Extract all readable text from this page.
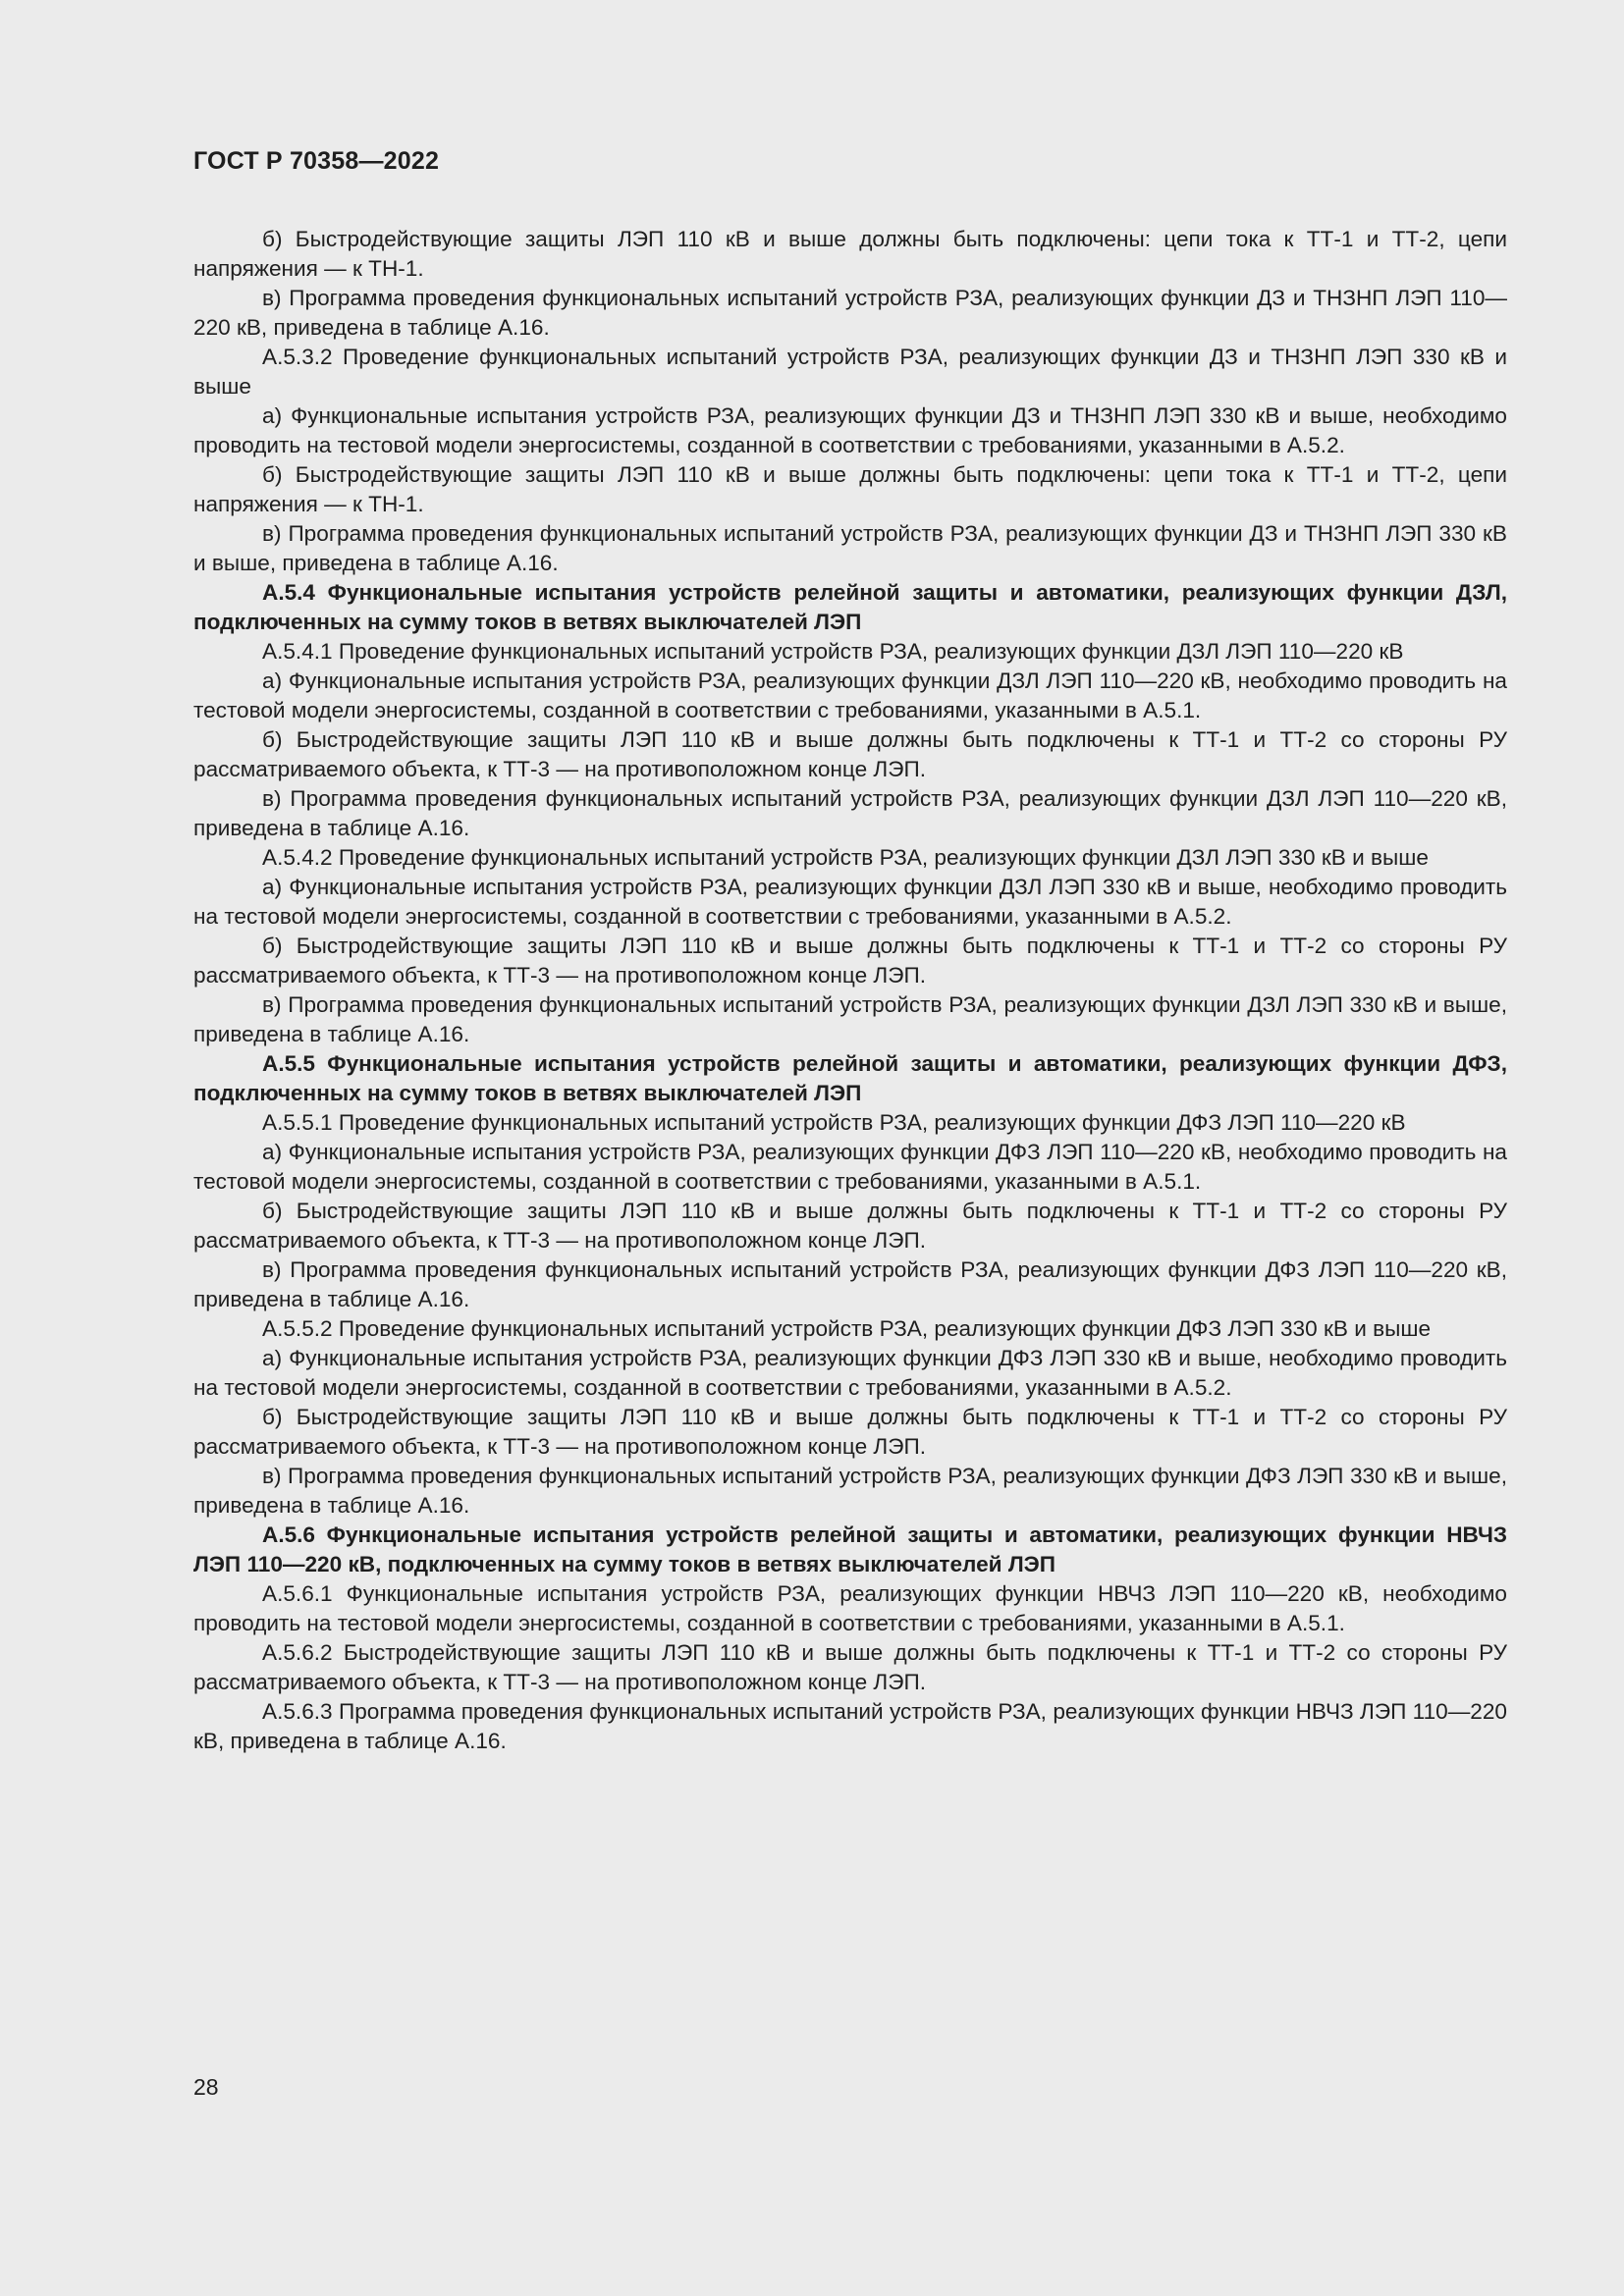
ГОСТ Р 70358—2022

б) Быстродействующие защиты ЛЭП 110 кВ и выше должны быть подключены: цепи тока к ТТ-1 и ТТ-2, цепи напряжения — к ТН-1.

в) Программа проведения функциональных испытаний устройств РЗА, реализующих функции ДЗ и ТНЗНП ЛЭП 110—220 кВ, приведена в таблице А.16.

А.5.3.2 Проведение функциональных испытаний устройств РЗА, реализующих функции ДЗ и ТНЗНП ЛЭП 330 кВ и выше

а) Функциональные испытания устройств РЗА, реализующих функции ДЗ и ТНЗНП ЛЭП 330 кВ и выше, необходимо проводить на тестовой модели энергосистемы, созданной в соответствии с требованиями, указанными в А.5.2.

б) Быстродействующие защиты ЛЭП 110 кВ и выше должны быть подключены: цепи тока к ТТ-1 и ТТ-2, цепи напряжения — к ТН-1.

в) Программа проведения функциональных испытаний устройств РЗА, реализующих функции ДЗ и ТНЗНП ЛЭП 330 кВ и выше, приведена в таблице А.16.

А.5.4 Функциональные испытания устройств релейной защиты и автоматики, реализующих функции ДЗЛ, подключенных на сумму токов в ветвях выключателей ЛЭП

А.5.4.1 Проведение функциональных испытаний устройств РЗА, реализующих функции ДЗЛ ЛЭП 110—220 кВ

а) Функциональные испытания устройств РЗА, реализующих функции ДЗЛ ЛЭП 110—220 кВ, необходимо проводить на тестовой модели энергосистемы, созданной в соответствии с требованиями, указанными в А.5.1.

б) Быстродействующие защиты ЛЭП 110 кВ и выше должны быть подключены к ТТ-1 и ТТ-2 со стороны РУ рассматриваемого объекта, к ТТ-3 — на противоположном конце ЛЭП.

в) Программа проведения функциональных испытаний устройств РЗА, реализующих функции ДЗЛ ЛЭП 110—220 кВ, приведена в таблице А.16.

А.5.4.2 Проведение функциональных испытаний устройств РЗА, реализующих функции ДЗЛ ЛЭП 330 кВ и выше

а) Функциональные испытания устройств РЗА, реализующих функции ДЗЛ ЛЭП 330 кВ и выше, необходимо проводить на тестовой модели энергосистемы, созданной в соответствии с требованиями, указанными в А.5.2.

б) Быстродействующие защиты ЛЭП 110 кВ и выше должны быть подключены к ТТ-1 и ТТ-2 со стороны РУ рассматриваемого объекта, к ТТ-3 — на противоположном конце ЛЭП.

в) Программа проведения функциональных испытаний устройств РЗА, реализующих функции ДЗЛ ЛЭП 330 кВ и выше, приведена в таблице А.16.

А.5.5 Функциональные испытания устройств релейной защиты и автоматики, реализующих функции ДФЗ, подключенных на сумму токов в ветвях выключателей ЛЭП

А.5.5.1 Проведение функциональных испытаний устройств РЗА, реализующих функции ДФЗ ЛЭП 110—220 кВ

а) Функциональные испытания устройств РЗА, реализующих функции ДФЗ ЛЭП 110—220 кВ, необходимо проводить на тестовой модели энергосистемы, созданной в соответствии с требованиями, указанными в А.5.1.

б) Быстродействующие защиты ЛЭП 110 кВ и выше должны быть подключены к ТТ-1 и ТТ-2 со стороны РУ рассматриваемого объекта, к ТТ-3 — на противоположном конце ЛЭП.

в) Программа проведения функциональных испытаний устройств РЗА, реализующих функции ДФЗ ЛЭП 110—220 кВ, приведена в таблице А.16.

А.5.5.2 Проведение функциональных испытаний устройств РЗА, реализующих функции ДФЗ ЛЭП 330 кВ и выше

а) Функциональные испытания устройств РЗА, реализующих функции ДФЗ ЛЭП 330 кВ и выше, необходимо проводить на тестовой модели энергосистемы, созданной в соответствии с требованиями, указанными в А.5.2.

б) Быстродействующие защиты ЛЭП 110 кВ и выше должны быть подключены к ТТ-1 и ТТ-2 со стороны РУ рассматриваемого объекта, к ТТ-3 — на противоположном конце ЛЭП.

в) Программа проведения функциональных испытаний устройств РЗА, реализующих функции ДФЗ ЛЭП 330 кВ и выше, приведена в таблице А.16.

А.5.6 Функциональные испытания устройств релейной защиты и автоматики, реализующих функции НВЧЗ ЛЭП 110—220 кВ, подключенных на сумму токов в ветвях выключателей ЛЭП

А.5.6.1 Функциональные испытания устройств РЗА, реализующих функции НВЧЗ ЛЭП 110—220 кВ, необходимо проводить на тестовой модели энергосистемы, созданной в соответствии с требованиями, указанными в А.5.1.

А.5.6.2 Быстродействующие защиты ЛЭП 110 кВ и выше должны быть подключены к ТТ-1 и ТТ-2 со стороны РУ рассматриваемого объекта, к ТТ-3 — на противоположном конце ЛЭП.

А.5.6.3 Программа проведения функциональных испытаний устройств РЗА, реализующих функции НВЧЗ ЛЭП 110—220 кВ, приведена в таблице А.16.

28
